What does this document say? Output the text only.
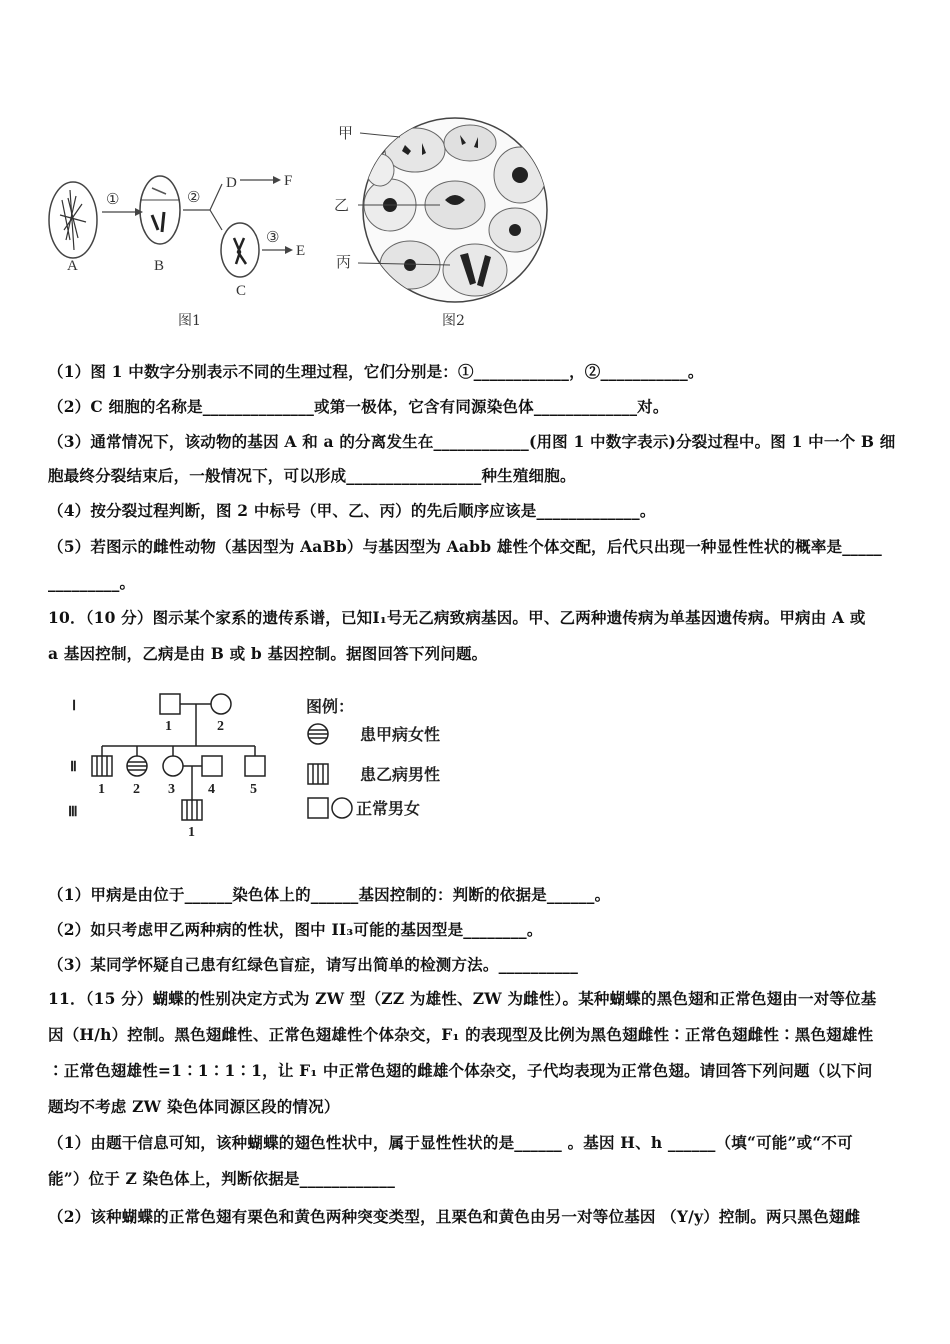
A
①
B
②
D	F
C
③
E
图1
甲
乙
丙
图2
（1）图 1 中数字分别表示不同的生理过程，它们分别是：①____________，②___________。
（2）C 细胞的名称是______________或第一极体，它含有同源染色体_____________对。
（3）通常情况下，该动物的基因 A 和 a 的分离发生在____________(用图 1 中数字表示)分裂过程中。图 1 中一个 B 细
胞最终分裂结束后，一般情况下，可以形成_________________种生殖细胞。
（4）按分裂过程判断，图 2 中标号（甲、乙、丙）的先后顺序应该是_____________。
（5）若图示的雌性动物（基因型为 AaBb）与基因型为 Aabb 雄性个体交配，后代只出现一种显性性状的概率是_____
_________。
10．（10 分）图示某个家系的遗传系谱，已知Ⅰ₁号无乙病致病基因。甲、乙两种遗传病为单基因遗传病。甲病由 A 或
a 基因控制，乙病是由 B 或 b 基因控制。据图回答下列问题。
Ⅰ
Ⅱ
Ⅲ
1	2
1 2 3 4	5
1
图例：
患甲病女性
患乙病男性
正常男女
（1）甲病是由位于______染色体上的______基因控制的：判断的依据是______。
（2）如只考虑甲乙两种病的性状，图中 II₃可能的基因型是________。
（3）某同学怀疑自己患有红绿色盲症，请写出简单的检测方法。__________
11．（15 分）蝴蝶的性别决定方式为 ZW 型（ZZ 为雄性、ZW 为雌性）。某种蝴蝶的黑色翅和正常色翅由一对等位基
因（H/h）控制。黑色翅雌性、正常色翅雄性个体杂交，F₁ 的表现型及比例为黑色翅雌性∶正常色翅雌性∶黑色翅雄性
∶正常色翅雄性=1∶1∶1∶1，让 F₁ 中正常色翅的雌雄个体杂交，子代均表现为正常色翅。请回答下列问题（以下问
题均不考虑 ZW 染色体同源区段的情况）
（1）由题干信息可知，该种蝴蝶的翅色性状中，属于显性性状的是______ 。基因 H、h ______（填“可能”或“不可
能”）位于 Z 染色体上，判断依据是____________
（2）该种蝴蝶的正常色翅有栗色和黄色两种突变类型，且栗色和黄色由另一对等位基因 （Y/y）控制。两只黑色翅雌
